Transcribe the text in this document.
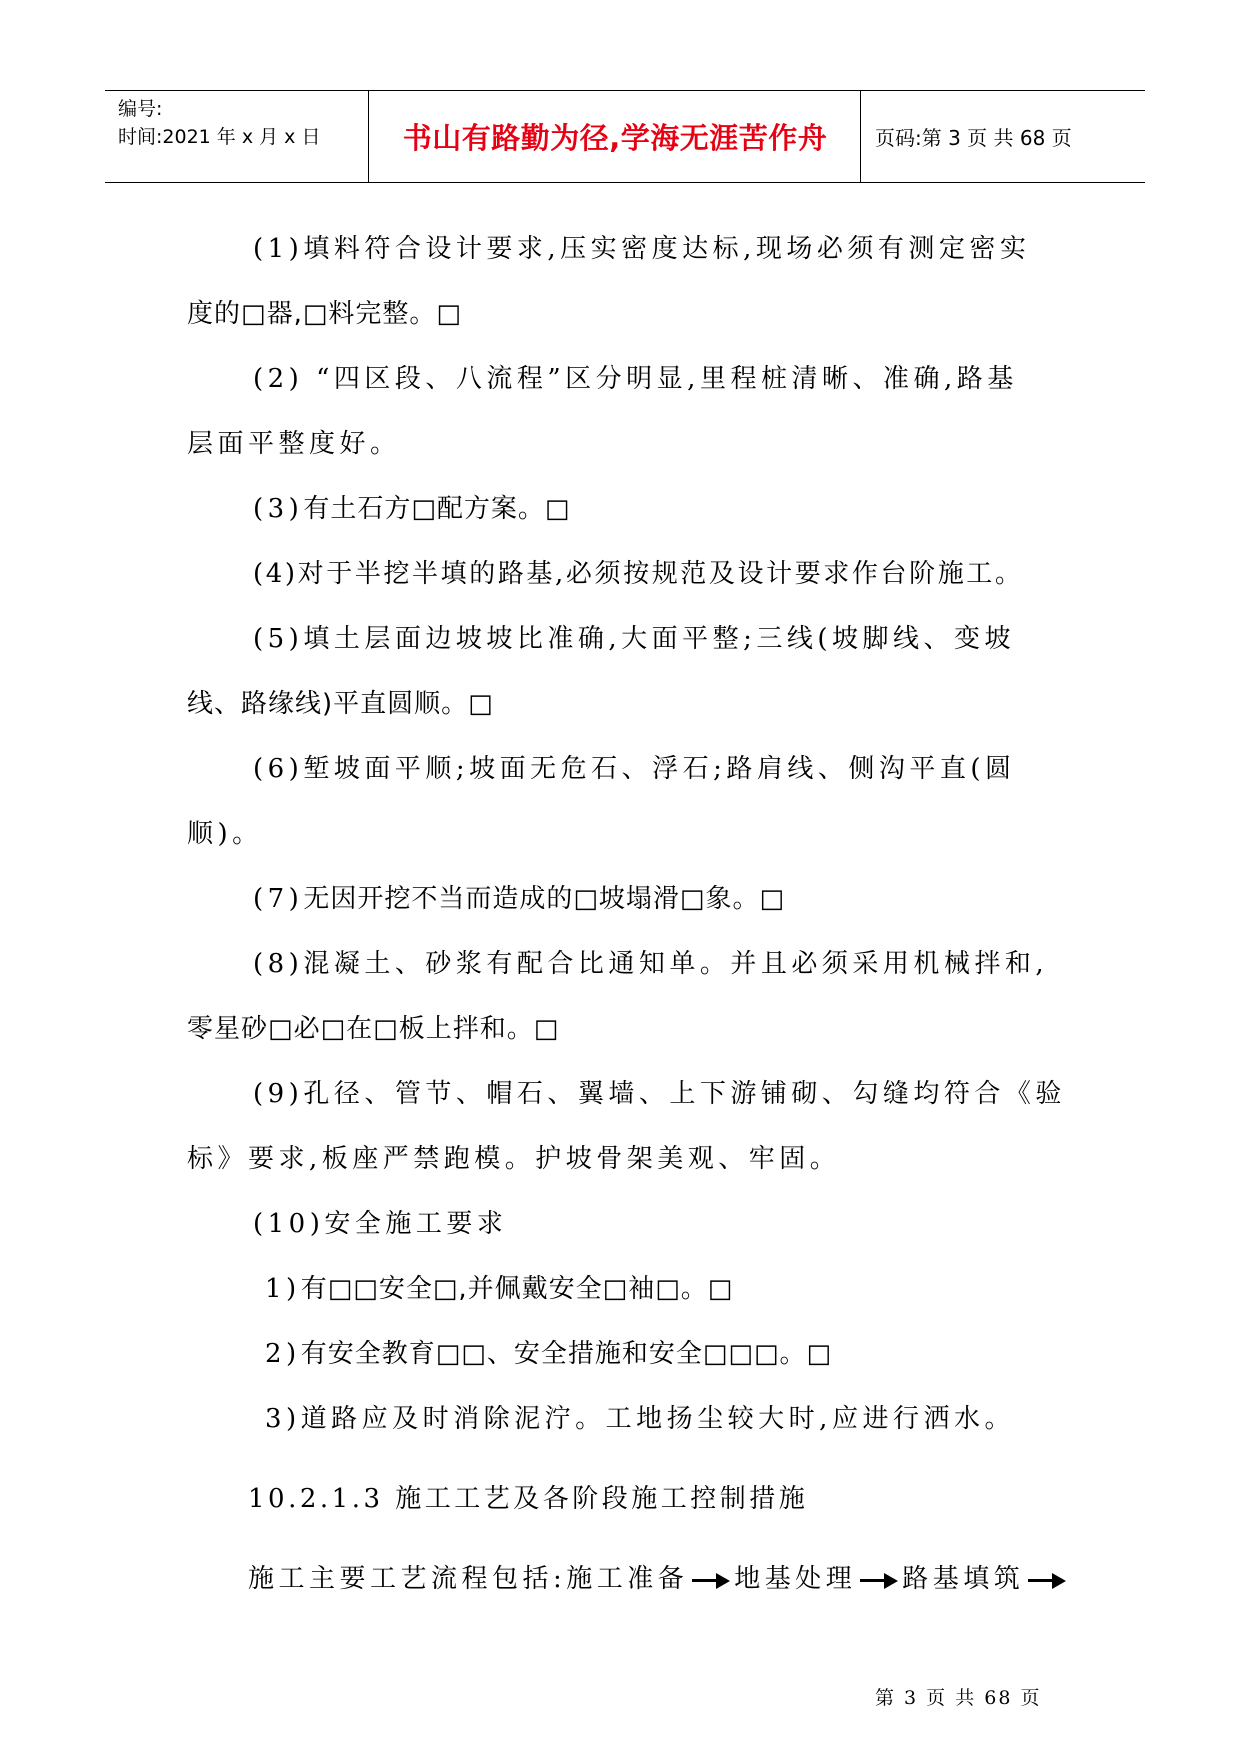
编号:
时间:2021 年 x 月 x 日	书山有路勤为径,学海无涯苦作舟	页码:第 3 页 共 68 页
(1)填料符合设计要求,压实密度达标,现场必须有测定密实
度的□器,□料完整。□
(2) “四区段、八流程”区分明显,里程桩清晰、准确,路基
层面平整度好。
(3)有土石方□配方案。□
(4)对于半挖半填的路基,必须按规范及设计要求作台阶施工。
(5)填土层面边坡坡比准确,大面平整;三线(坡脚线、变坡
线、路缘线)平直圆顺。□
(6)堑坡面平顺;坡面无危石、浮石;路肩线、侧沟平直(圆
顺)。
(7)无因开挖不当而造成的□坡塌滑□象。□
(8)混凝土、砂浆有配合比通知单。并且必须采用机械拌和,
零星砂□必□在□板上拌和。□
(9)孔径、管节、帽石、翼墙、上下游铺砌、勾缝均符合《验
标》要求,板座严禁跑模。护坡骨架美观、牢固。
(10)安全施工要求
1)有□□安全□,并佩戴安全□袖□。□
2)有安全教育□□、安全措施和安全□□□。□
3)道路应及时消除泥泞。工地扬尘较大时,应进行洒水。
10.2.1.3 施工工艺及各阶段施工控制措施
施工主要工艺流程包括:施工准备 地基处理 路基填筑
第 3 页 共 68 页
